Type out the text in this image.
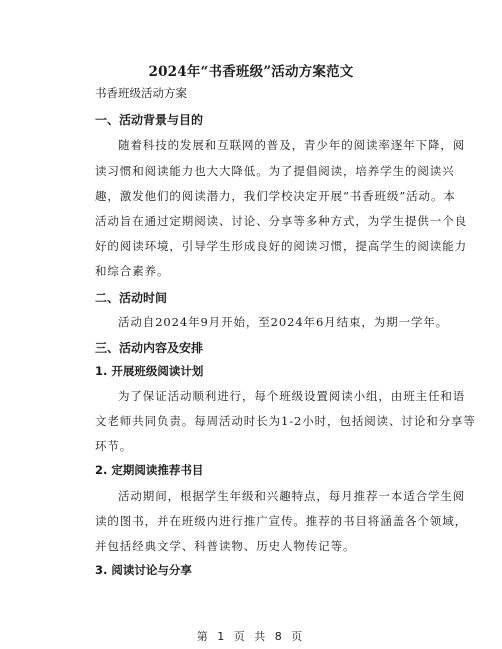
2024年“书香班级”活动方案范文
书香班级活动方案
一、活动背景与目的
随着科技的发展和互联网的普及，青少年的阅读率逐年下降，阅
读习惯和阅读能力也大大降低。为了提倡阅读，培养学生的阅读兴
趣，激发他们的阅读潜力，我们学校决定开展“书香班级”活动。本
活动旨在通过定期阅读、讨论、分享等多种方式，为学生提供一个良
好的阅读环境，引导学生形成良好的阅读习惯，提高学生的阅读能力
和综合素养。
二、活动时间
活动自2024年9月开始，至2024年6月结束，为期一学年。
三、活动内容及安排
1. 开展班级阅读计划
为了保证活动顺利进行，每个班级设置阅读小组，由班主任和语
文老师共同负责。每周活动时长为1-2小时，包括阅读、讨论和分享等
环节。
2. 定期阅读推荐书目
活动期间，根据学生年级和兴趣特点，每月推荐一本适合学生阅
读的图书，并在班级内进行推广宣传。推荐的书目将涵盖各个领域，
并包括经典文学、科普读物、历史人物传记等。
3. 阅读讨论与分享
第 1 页 共 8 页
